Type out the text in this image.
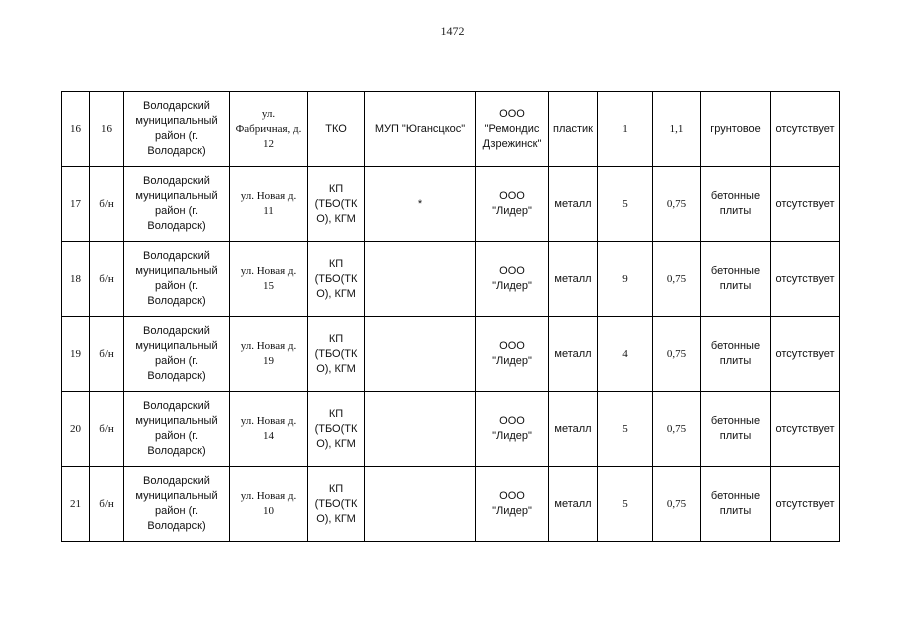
1472
16	16	Володарский
муниципальный
район (г.
Володарск)	ул.
Фабричная, д.
12	ТКО	МУП "Югансцкос"	ООО
"Ремондис
Дзрежинск"	пластик	1	1,1	грунтовое	отсутствует
17	б/н	Володарский
муниципальный
район (г.
Володарск)	ул. Новая д.
11	КП
(ТБО(ТК
О), КГМ	*	ООО
"Лидер"	металл	5	0,75	бетонные
плиты	отсутствует
18	б/н	Володарский
муниципальный
район (г.
Володарск)	ул. Новая д.
15	КП
(ТБО(ТК
О), КГМ		ООО
"Лидер"	металл	9	0,75	бетонные
плиты	отсутствует
19	б/н	Володарский
муниципальный
район (г.
Володарск)	ул. Новая д.
19	КП
(ТБО(ТК
О), КГМ		ООО
"Лидер"	металл	4	0,75	бетонные
плиты	отсутствует
20	б/н	Володарский
муниципальный
район (г.
Володарск)	ул. Новая д.
14	КП
(ТБО(ТК
О), КГМ		ООО
"Лидер"	металл	5	0,75	бетонные
плиты	отсутствует
21	б/н	Володарский
муниципальный
район (г.
Володарск)	ул. Новая д.
10	КП
(ТБО(ТК
О), КГМ		ООО
"Лидер"	металл	5	0,75	бетонные
плиты	отсутствует
